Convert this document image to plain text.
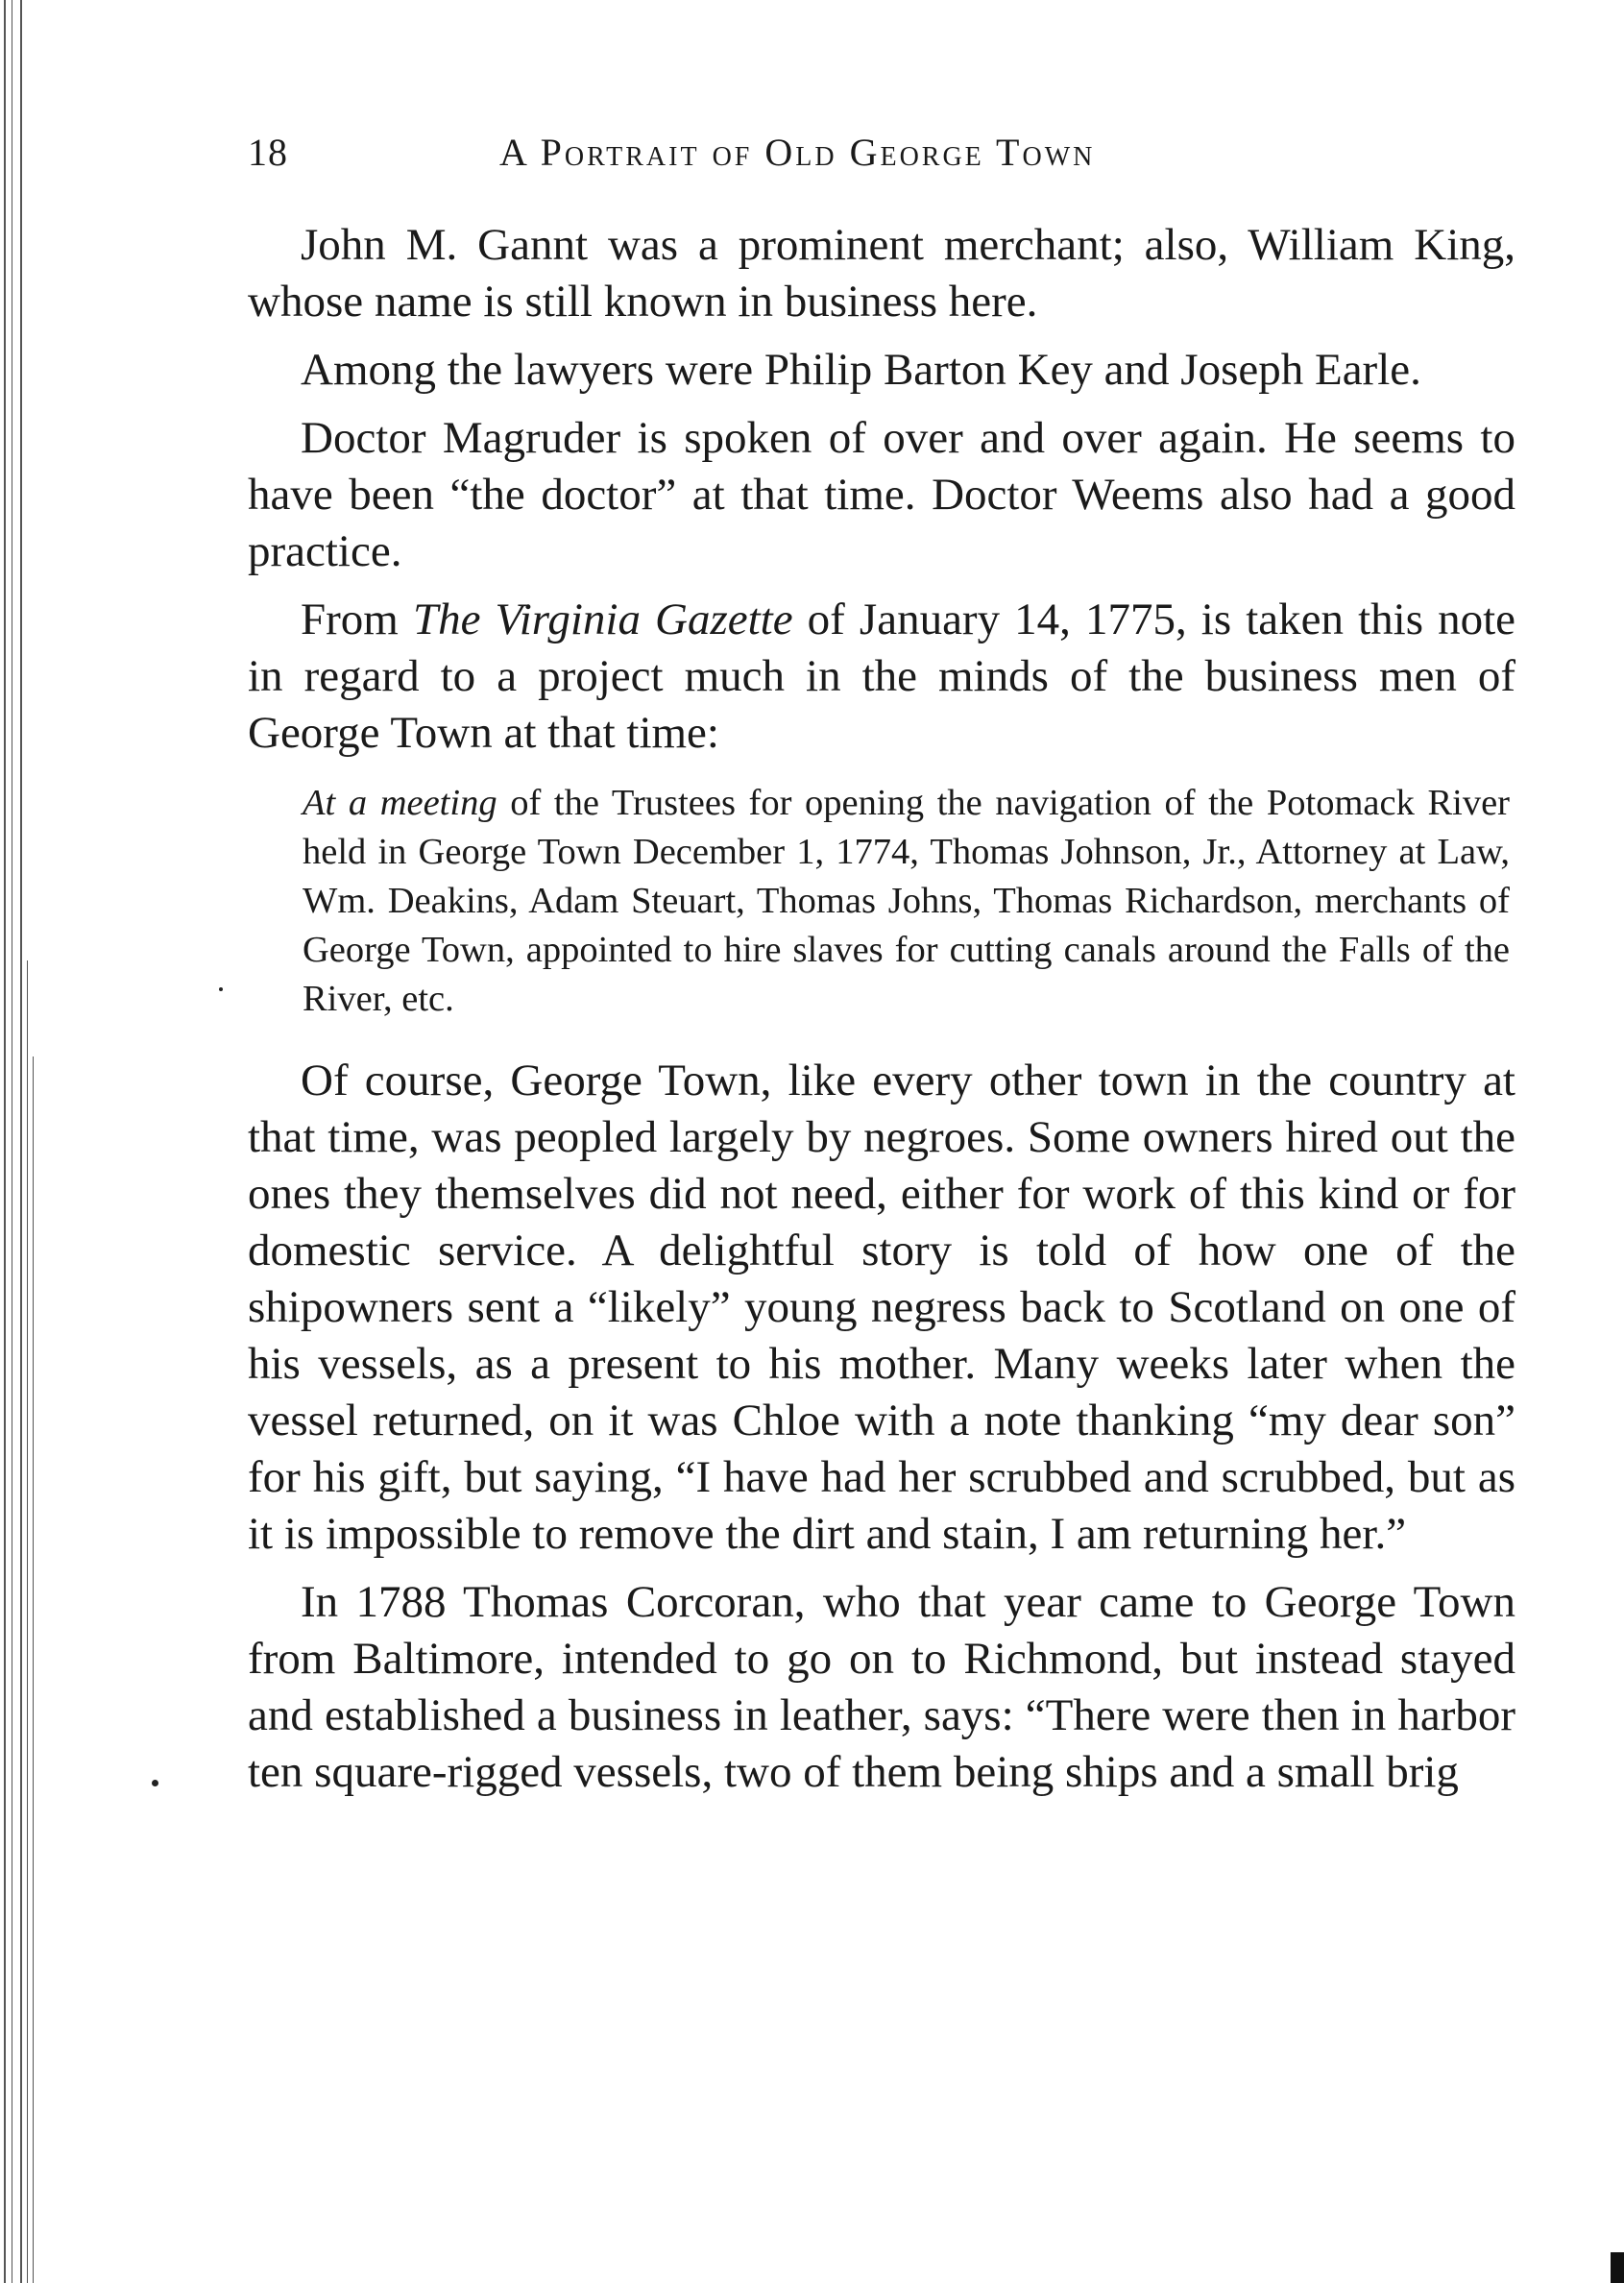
18	A Portrait of Old George Town

John M. Gannt was a prominent merchant; also, William King, whose name is still known in business here.

Among the lawyers were Philip Barton Key and Joseph Earle.

Doctor Magruder is spoken of over and over again. He seems to have been “the doctor” at that time. Doctor Weems also had a good practice.

From The Virginia Gazette of January 14, 1775, is taken this note in regard to a project much in the minds of the business men of George Town at that time:

At a meeting of the Trustees for opening the navigation of the Potomack River held in George Town December 1, 1774, Thomas Johnson, Jr., Attorney at Law, Wm. Deakins, Adam Steuart, Thomas Johns, Thomas Richardson, merchants of George Town, appointed to hire slaves for cutting canals around the Falls of the River, etc.

Of course, George Town, like every other town in the country at that time, was peopled largely by negroes. Some owners hired out the ones they themselves did not need, either for work of this kind or for domestic service. A delightful story is told of how one of the shipowners sent a “likely” young negress back to Scotland on one of his vessels, as a present to his mother. Many weeks later when the vessel returned, on it was Chloe with a note thanking “my dear son” for his gift, but saying, “I have had her scrubbed and scrubbed, but as it is impossible to remove the dirt and stain, I am returning her.”

In 1788 Thomas Corcoran, who that year came to George Town from Baltimore, intended to go on to Richmond, but instead stayed and established a business in leather, says: “There were then in harbor ten square-rigged vessels, two of them being ships and a small brig
